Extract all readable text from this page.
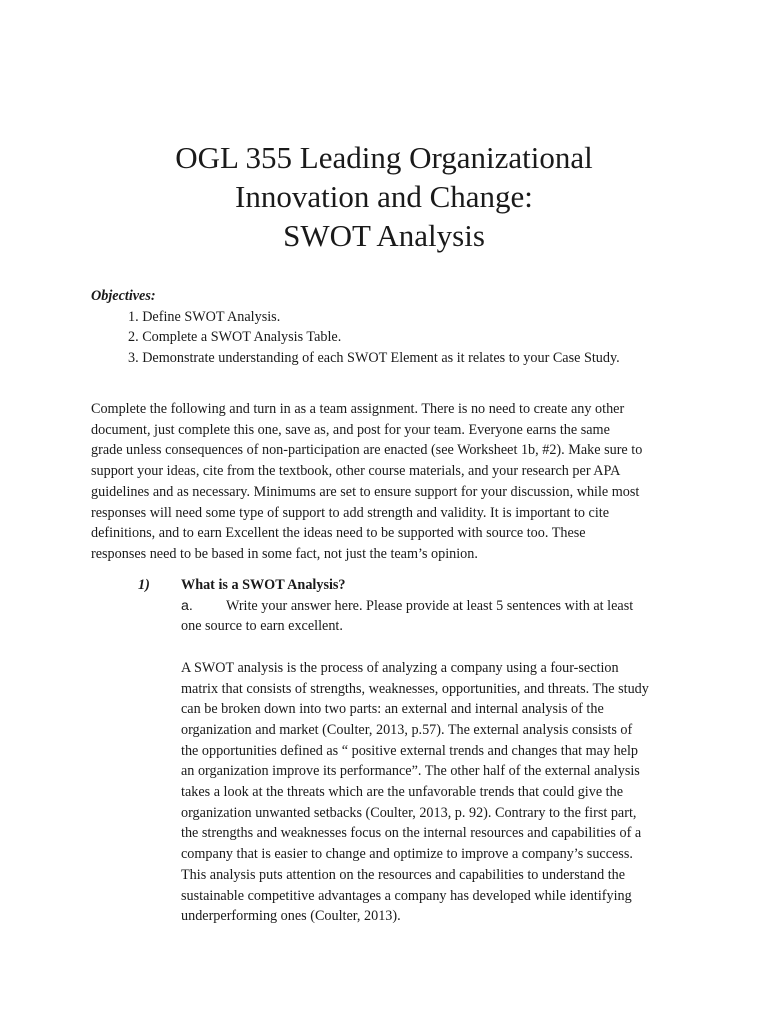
OGL 355 Leading Organizational
Innovation and Change:
SWOT Analysis
Objectives:
1. Define SWOT Analysis.
2. Complete a SWOT Analysis Table.
3. Demonstrate understanding of each SWOT Element as it relates to your Case Study.
Complete the following and turn in as a team assignment. There is no need to create any other
document, just complete this one, save as, and post for your team. Everyone earns the same
grade unless consequences of non-participation are enacted (see Worksheet 1b, #2). Make sure to
support your ideas, cite from the textbook, other course materials, and your research per APA
guidelines and as necessary. Minimums are set to ensure support for your discussion, while most
responses will need some type of support to add strength and validity. It is important to cite
definitions, and to earn Excellent the ideas need to be supported with source too. These
responses need to be based in some fact, not just the team’s opinion.
1) What is a SWOT Analysis?
a. Write your answer here. Please provide at least 5 sentences with at least
one source to earn excellent.
A SWOT analysis is the process of analyzing a company using a four-section
matrix that consists of strengths, weaknesses, opportunities, and threats. The study
can be broken down into two parts: an external and internal analysis of the
organization and market (Coulter, 2013, p.57). The external analysis consists of
the opportunities defined as “ positive external trends and changes that may help
an organization improve its performance”. The other half of the external analysis
takes a look at the threats which are the unfavorable trends that could give the
organization unwanted setbacks (Coulter, 2013, p. 92). Contrary to the first part,
the strengths and weaknesses focus on the internal resources and capabilities of a
company that is easier to change and optimize to improve a company’s success.
This analysis puts attention on the resources and capabilities to understand the
sustainable competitive advantages a company has developed while identifying
underperforming ones (Coulter, 2013).
